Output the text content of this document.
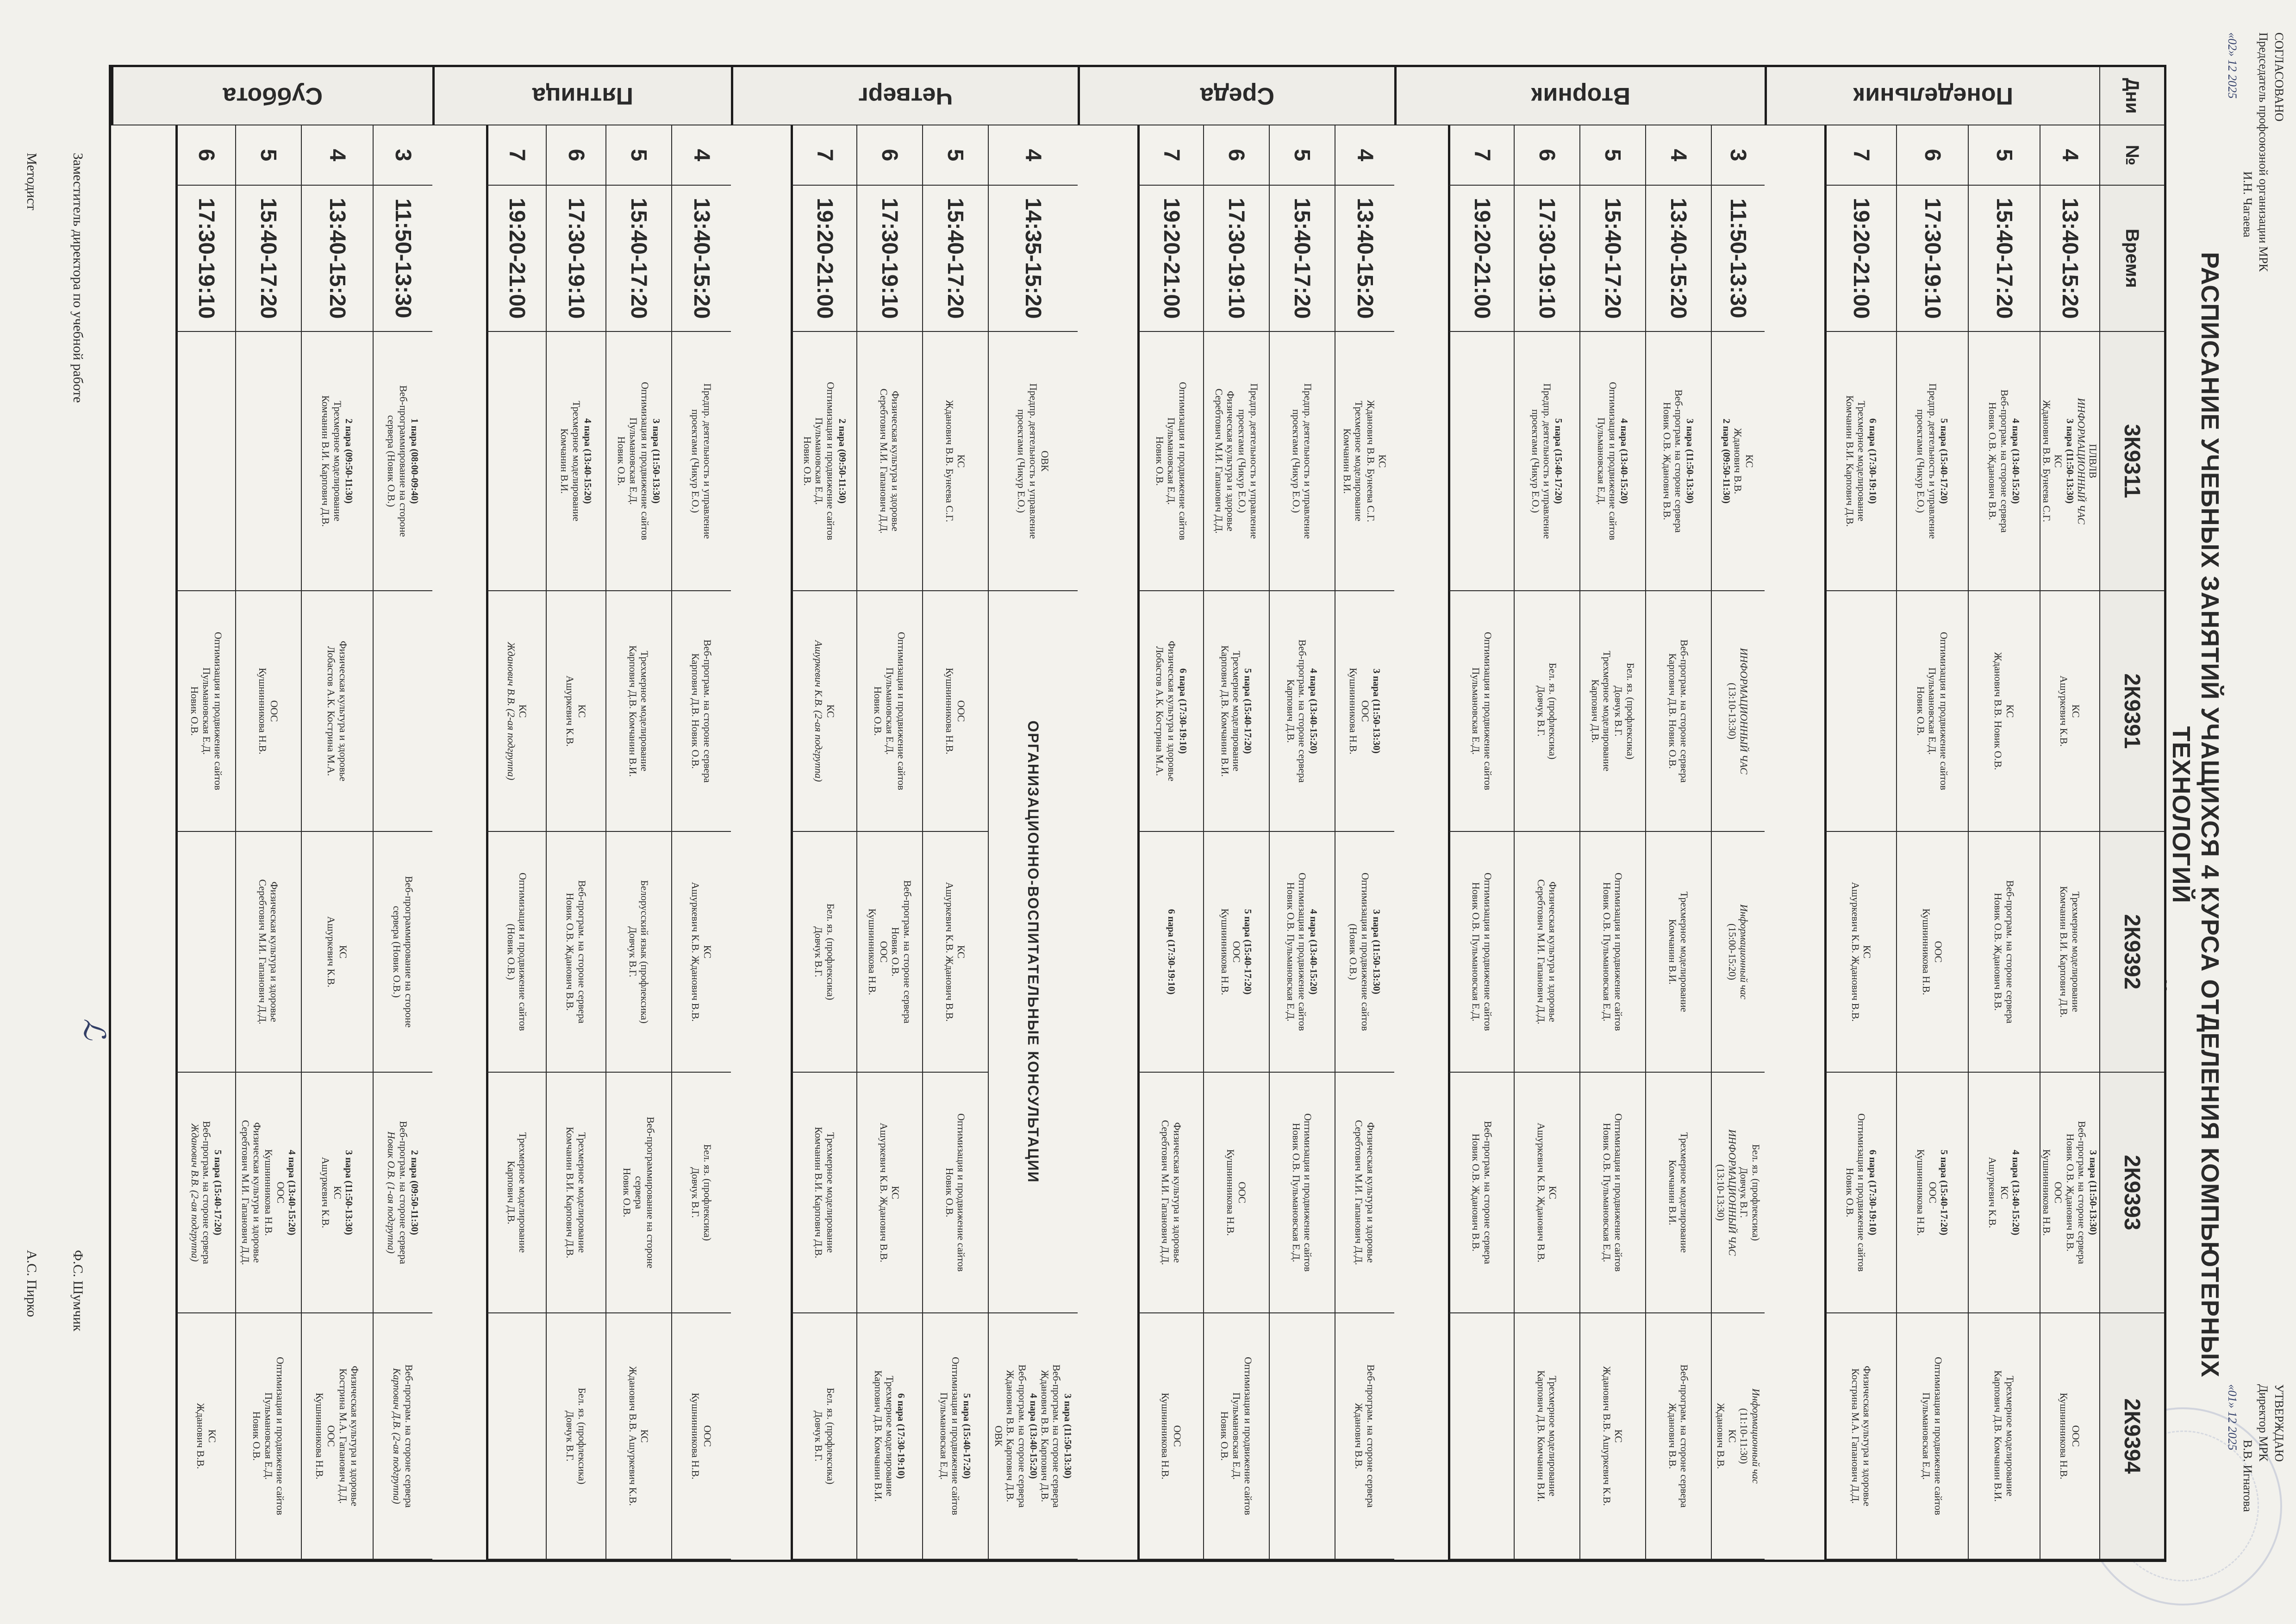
СОГЛАСОВАНО
Председатель профсоюзной организации МРК
И.Н. Чагаева
«02» 12 2025
УТВЕРЖДАЮ
Директор МРК
В.В. Игнатова
«01» 12 2025
РАСПИСАНИЕ УЧЕБНЫХ ЗАНЯТИЙ УЧАЩИХСЯ 4 КУРСА ОТДЕЛЕНИЯ КОМПЬЮТЕРНЫХ ТЕХНОЛОГИЙ
Дни
№
Время
3К9311
2К9391
2К9392
2К9393
2К9394
Понедельник
4
13:40-15:20
ПЛВЛВ
ИНФОРМАЦИОННЫЙ ЧАС
3 пара (11:50-13:30)
КС
Жданович В.В. Бунеева С.Г.
КС
Ашуркевич К.В.
Трехмерное моделирование
Комчанин В.И. Карпович Д.В.
3 пара (11:50-13:30)
Веб-програм. на стороне сервера
Новик О.В. Жданович В.В.
ООС
Кушнинникова Н.В.
ООС
Кушнинникова Н.В.
5
15:40-17:20
4 пара (13:40-15:20)
Веб-програм. на стороне сервера
Новик О.В. Жданович В.В.
КС
Жданович В.В. Новик О.В.
Веб-програм. на стороне сервера
Новик О.В. Жданович В.В.
4 пара (13:40-15:20)
КС
Ашуркевич К.В.
Трехмерное моделирование
Карпович Д.В. Комчанин В.И.
6
17:30-19:10
5 пара (15:40-17:20)
Предпр. деятельность и управление
проектами (Чикур Е.О.)
Оптимизация и продвижение сайтов
Пульмановская Е.Д.
Новик О.В.
ООС
Кушнинникова Н.В.
5 пара (15:40-17:20)
ООС
Кушнинникова Н.В.
Оптимизация и продвижение сайтов
Пульмановская Е.Д.
7
19:20-21:00
6 пара (17:30-19:10)
Трехмерное моделирование
Комчанин В.И. Карпович Д.В.
КС
Ашуркевич К.В. Жданович В.В.
6 пара (17:30-19:10)
Оптимизация и продвижение сайтов
Новик О.В.
Физическая культура и здоровье
Кострина М.А. Гапанович Д.Д.
Вторник
3
11:50-13:30
КС
Жданович В.В.
2 пара (09:50-11:30)
ИНФОРМАЦИОННЫЙ ЧАС
(13:10-13:30)
Информационный час
(15:00-15:20)
Бел. яз. (профлексика)
Довчук В.Г.
ИНФОРМАЦИОННЫЙ ЧАС
(13:10-13:30)
Информационный час
(11:10-11:30)
КС
Жданович В.В.
4
13:40-15:20
3 пара (11:50-13:30)
Веб-програм. на стороне сервера
Новик О.В. Жданович В.В.
Веб-програм. на стороне сервера
Карпович Д.В. Новик О.В.
Трехмерное моделирование
Комчанин В.И.
Трехмерное моделирование
Комчанин В.И.
Веб-програм. на стороне сервера
Жданович В.В.
5
15:40-17:20
4 пара (13:40-15:20)
Оптимизация и продвижение сайтов
Пульмановская Е.Д.
Бел. яз. (профлексика)
Довчук В.Г.
Трехмерное моделирование
Карпович Д.В.
Оптимизация и продвижение сайтов
Новик О.В. Пульмановская Е.Д.
Оптимизация и продвижение сайтов
Новик О.В. Пульмановская Е.Д.
КС
Жданович В.В. Ашуркевич К.В.
6
17:30-19:10
5 пара (15:40-17:20)
Предпр. деятельность и управление
проектами (Чикур Е.О.)
Бел. яз. (профлексика)
Довчук В.Г.
Физическая культура и здоровье
Серебтович М.И. Гапанович Д.Д.
КС
Ашуркевич К.В. Жданович В.В.
Трехмерное моделирование
Карпович Д.В. Комчанин В.И.
7
19:20-21:00
Оптимизация и продвижение сайтов
Пульмановская Е.Д.
Оптимизация и продвижение сайтов
Новик О.В. Пульмановская Е.Д.
Веб-програм. на стороне сервера
Новик О.В. Жданович В.В.
Среда
4
13:40-15:20
КС
Жданович В.В. Бунеева С.Г.
Трехмерное моделирование
Комчанин В.И.
3 пара (11:50-13:30)
ООС
Кушнинникова Н.В.
3 пара (11:50-13:30)
Оптимизация и продвижение сайтов
(Новик О.В.)
Физическая культура и здоровье
Серебтович М.И. Гапанович Д.Д.
Веб-програм. на стороне сервера
Жданович В.В.
5
15:40-17:20
Предпр. деятельность и управление
проектами (Чикур Е.О.)
4 пара (13:40-15:20)
Веб-програм. на стороне сервера
Карпович Д.В.
4 пара (13:40-15:20)
Оптимизация и продвижение сайтов
Новик О.В. Пульмановская Е.Д.
Оптимизация и продвижение сайтов
Новик О.В. Пульмановская Е.Д.
6
17:30-19:10
Предпр. деятельность и управление
проектами (Чикур Е.О.)
Физическая культура и здоровье
Серебтович М.И. Гапанович Д.Д.
5 пара (15:40-17:20)
Трехмерное моделирование
Карпович Д.В. Комчанин В.И.
5 пара (15:40-17:20)
ООС
Кушнинникова Н.В.
ООС
Кушнинникова Н.В.
Оптимизация и продвижение сайтов
Пульмановская Е.Д.
Новик О.В.
7
19:20-21:00
Оптимизация и продвижение сайтов
Пульмановская Е.Д.
Новик О.В.
6 пара (17:30-19:10)
Физическая культура и здоровье
Лобастов А.К. Кострина М.А.
6 пара (17:30-19:10)
Физическая культура и здоровье
Серебтович М.И. Гапанович Д.Д.
ООС
Кушнинникова Н.В.
Четверг
4
14:35-15:20
ОВК
Предпр. деятельность и управление
проектами (Чикур Е.О.)
ОРГАНИЗАЦИОННО-ВОСПИТАТЕЛЬНЫЕ КОНСУЛЬТАЦИИ
3 пара (11:50-13:30)
Веб-програм. на стороне сервера
Жданович В.В. Карпович Д.В.
4 пара (13:40-15:20)
Веб-програм. на стороне сервера
Жданович В.В. Карпович Д.В.
ОВК
5
15:40-17:20
КС
Жданович В.В. Бунеева С.Г.
ООС
Кушнинникова Н.В.
КС
Ашуркевич К.В. Жданович В.В.
Оптимизация и продвижение сайтов
Новик О.В.
5 пара (15:40-17:20)
Оптимизация и продвижение сайтов
Пульмановская Е.Д.
6
17:30-19:10
Физическая культура и здоровье
Серебтович М.И. Гапанович Д.Д.
Оптимизация и продвижение сайтов
Пульмановская Е.Д.
Новик О.В.
Веб-програм. на стороне сервера
Новик О.В.
ООС
Кушнинникова Н.В.
КС
Ашуркевич К.В. Жданович В.В.
6 пара (17:30-19:10)
Трехмерное моделирование
Карпович Д.В. Комчанин В.И.
7
19:20-21:00
2 пара (09:50-11:30)
Оптимизация и продвижение сайтов
Пульмановская Е.Д.
Новик О.В.
КС
Ашуркевич К.В. (2-ая подгруппа)
Бел. яз. (профлексика)
Довчук В.Г.
Трехмерное моделирование
Комчанин В.И. Карпович Д.В.
Бел. яз. (профлексика)
Довчук В.Г.
Пятница
4
13:40-15:20
Предпр. деятельность и управление
проектами (Чикур Е.О.)
Веб-програм. на стороне сервера
Карпович Д.В. Новик О.В.
КС
Ашуркевич К.В. Жданович В.В.
Бел. яз. (профлексика)
Довчук В.Г.
ООС
Кушнинникова Н.В.
5
15:40-17:20
3 пара (11:50-13:30)
Оптимизация и продвижение сайтов
Пульмановская Е.Д.
Новик О.В.
Трехмерное моделирование
Карпович Д.В. Комчанин В.И.
Белорусский язык (профлексика)
Довчук В.Г.
Веб-программирование на стороне
сервера
Новик О.В.
КС
Жданович В.В. Ашуркевич К.В.
6
17:30-19:10
4 пара (13:40-15:20)
Трехмерное моделирование
Комчанин В.И.
КС
Ашуркевич К.В.
Веб-програм. на стороне сервера
Новик О.В. Жданович В.В.
Трехмерное моделирование
Комчанин В.И. Карпович Д.В.
Бел. яз. (профлексика)
Довчук В.Г.
7
19:20-21:00
КС
Жданович В.В. (2-ая подгруппа)
Оптимизация и продвижение сайтов
(Новик О.В.)
Трехмерное моделирование
Карпович Д.В.
Суббота
3
11:50-13:30
1 пара (08:00-09:40)
Веб-программирование на стороне
сервера (Новик О.В.)
Веб-программирование на стороне
сервера (Новик О.В.)
2 пара (09:50-11:30)
Веб-програм. на стороне сервера
Новик О.В. (1-ая подгруппа)
Веб-програм. на стороне сервера
Карпович Д.В. (2-ая подгруппа)
4
13:40-15:20
2 пара (09:50-11:30)
Трехмерное моделирование
Комчанин В.И. Карпович Д.В.
Физическая культура и здоровье
Лобастов А.К. Кострина М.А.
КС
Ашуркевич К.В.
3 пара (11:50-13:30)
КС
Ашуркевич К.В.
Физическая культура и здоровье
Кострина М.А. Гапанович Д.Д.
ООС
Кушнинникова Н.В.
5
15:40-17:20
ООС
Кушнинникова Н.В.
Физическая культура и здоровье
Серебтович М.И. Гапанович Д.Д.
4 пара (13:40-15:20)
ООС
Кушнинникова Н.В.
Физическая культура и здоровье
Серебтович М.И. Гапанович Д.Д.
Оптимизация и продвижение сайтов
Пульмановская Е.Д.
Новик О.В.
6
17:30-19:10
Оптимизация и продвижение сайтов
Пульмановская Е.Д.
Новик О.В.
5 пара (15:40-17:20)
Веб-програм. на стороне сервера
Жданович В.В. (2-ая подгруппа)
КС
Жданович В.В.
Заместитель директора по учебной работе
Ф.С. Шумчик
Методист
А.С. Пирко
ℒ
